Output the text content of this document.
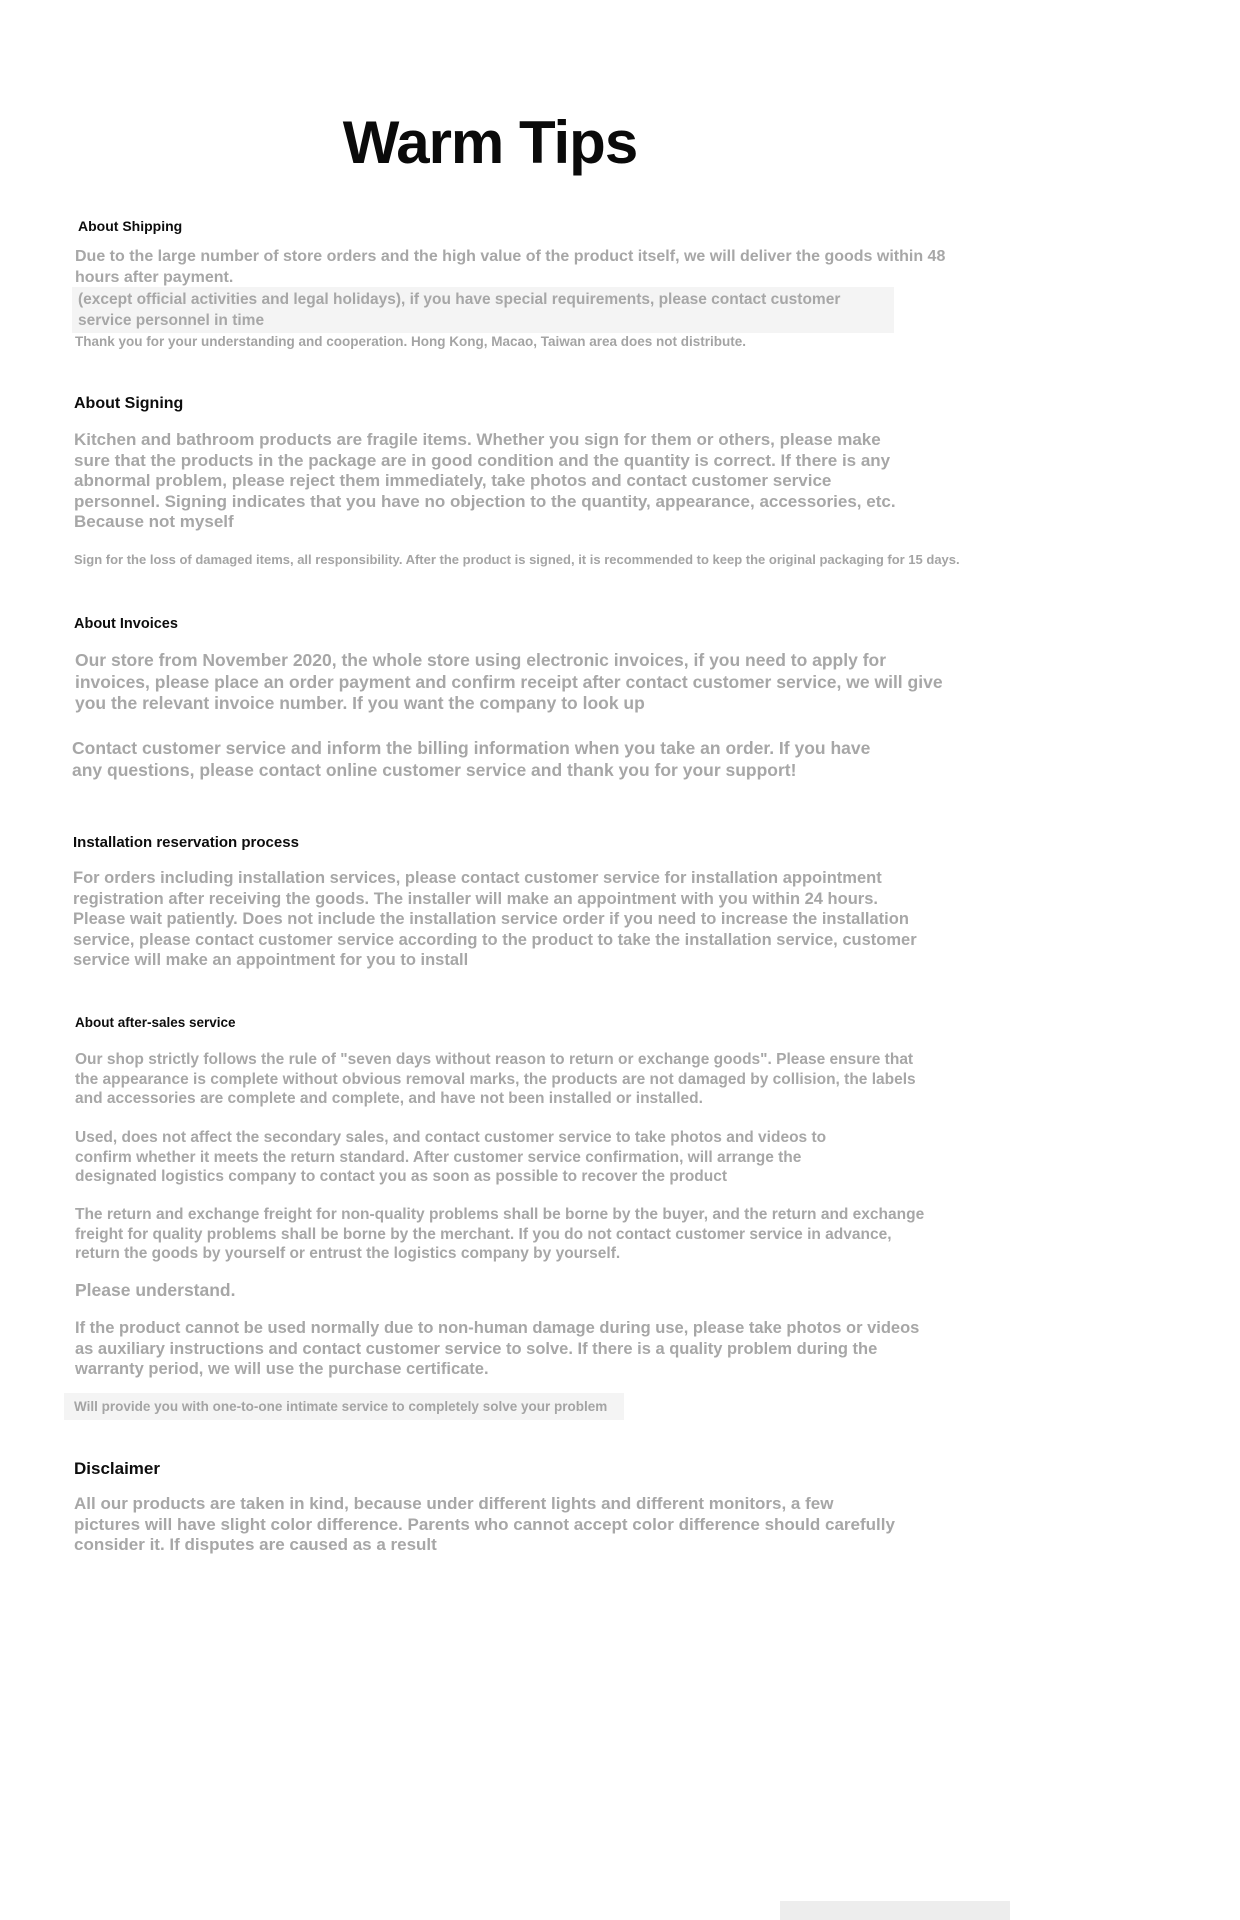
Warm Tips
About Shipping
Due to the large number of store orders and the high value of the product itself, we will deliver the goods within 48 hours after payment.
(except official activities and legal holidays), if you have special requirements, please contact customer service personnel in time
Thank you for your understanding and cooperation. Hong Kong, Macao, Taiwan area does not distribute.
About Signing
Kitchen and bathroom products are fragile items. Whether you sign for them or others, please make sure that the products in the package are in good condition and the quantity is correct. If there is any abnormal problem, please reject them immediately, take photos and contact customer service personnel. Signing indicates that you have no objection to the quantity, appearance, accessories, etc. Because not myself
Sign for the loss of damaged items, all responsibility. After the product is signed, it is recommended to keep the original packaging for 15 days.
About Invoices
Our store from November 2020, the whole store using electronic invoices, if you need to apply for invoices, please place an order payment and confirm receipt after contact customer service, we will give you the relevant invoice number. If you want the company to look up
Contact customer service and inform the billing information when you take an order. If you have any questions, please contact online customer service and thank you for your support!
Installation reservation process
For orders including installation services, please contact customer service for installation appointment registration after receiving the goods. The installer will make an appointment with you within 24 hours. Please wait patiently. Does not include the installation service order if you need to increase the installation service, please contact customer service according to the product to take the installation service, customer service will make an appointment for you to install
About after-sales service
Our shop strictly follows the rule of "seven days without reason to return or exchange goods". Please ensure that the appearance is complete without obvious removal marks, the products are not damaged by collision, the labels and accessories are complete and complete, and have not been installed or installed.
Used, does not affect the secondary sales, and contact customer service to take photos and videos to confirm whether it meets the return standard. After customer service confirmation, will arrange the designated logistics company to contact you as soon as possible to recover the product
The return and exchange freight for non-quality problems shall be borne by the buyer, and the return and exchange freight for quality problems shall be borne by the merchant. If you do not contact customer service in advance, return the goods by yourself or entrust the logistics company by yourself.
Please understand.
If the product cannot be used normally due to non-human damage during use, please take photos or videos as auxiliary instructions and contact customer service to solve. If there is a quality problem during the warranty period, we will use the purchase certificate.
Will provide you with one-to-one intimate service to completely solve your problem
Disclaimer
All our products are taken in kind, because under different lights and different monitors, a few pictures will have slight color difference. Parents who cannot accept color difference should carefully consider it. If disputes are caused as a result
